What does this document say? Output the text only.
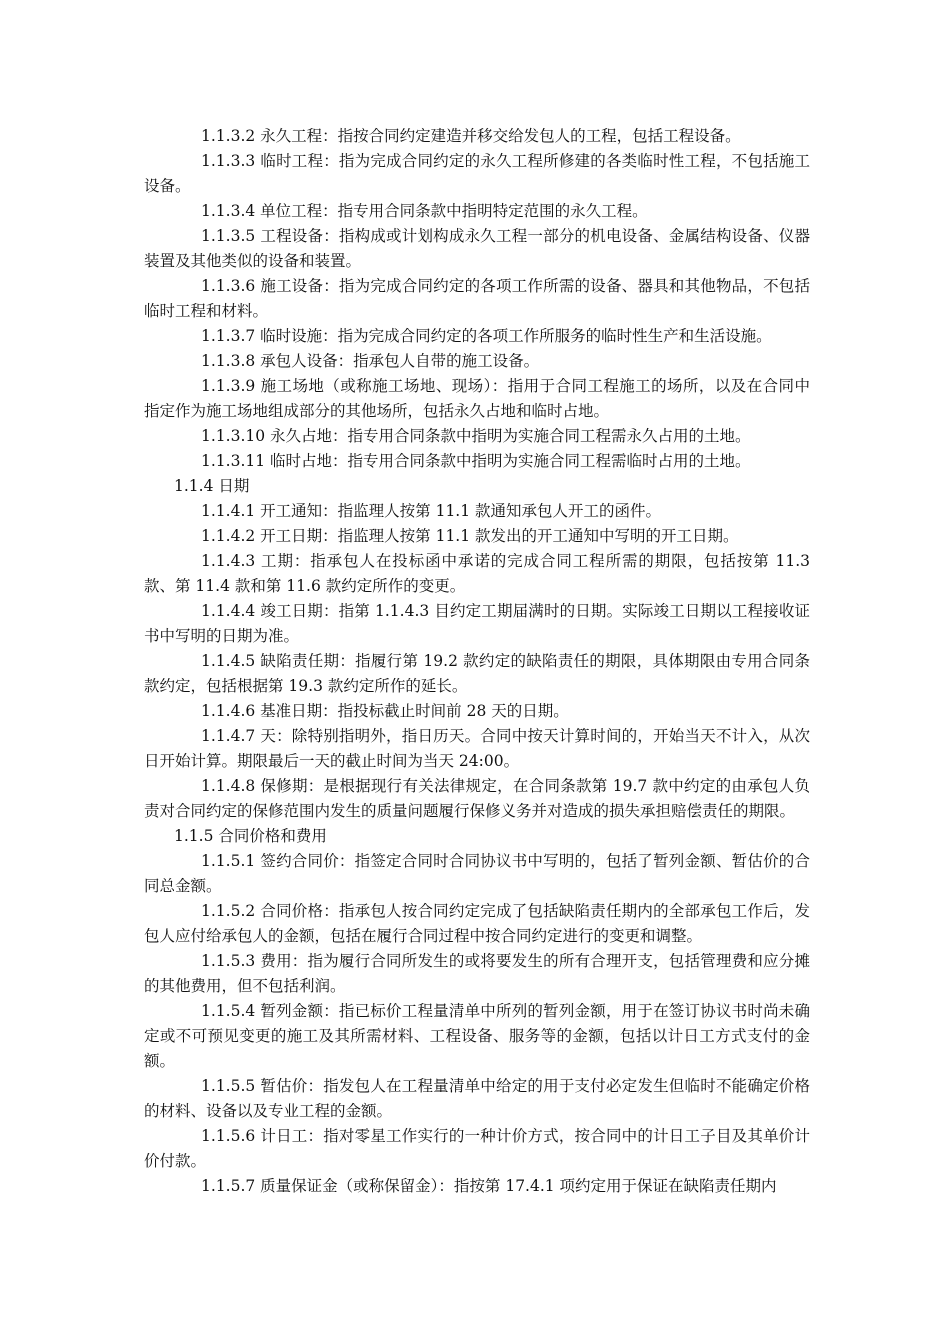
1.1.3.2 永久工程：指按合同约定建造并移交给发包人的工程，包括工程设备。

1.1.3.3 临时工程：指为完成合同约定的永久工程所修建的各类临时性工程，不包括施工设备。

1.1.3.4 单位工程：指专用合同条款中指明特定范围的永久工程。

1.1.3.5 工程设备：指构成或计划构成永久工程一部分的机电设备、金属结构设备、仪器装置及其他类似的设备和装置。

1.1.3.6 施工设备：指为完成合同约定的各项工作所需的设备、器具和其他物品，不包括临时工程和材料。

1.1.3.7 临时设施：指为完成合同约定的各项工作所服务的临时性生产和生活设施。

1.1.3.8 承包人设备：指承包人自带的施工设备。

1.1.3.9 施工场地（或称施工场地、现场）：指用于合同工程施工的场所，以及在合同中指定作为施工场地组成部分的其他场所，包括永久占地和临时占地。

1.1.3.10 永久占地：指专用合同条款中指明为实施合同工程需永久占用的土地。

1.1.3.11 临时占地：指专用合同条款中指明为实施合同工程需临时占用的土地。

1.1.4 日期

1.1.4.1 开工通知：指监理人按第 11.1 款通知承包人开工的函件。

1.1.4.2 开工日期：指监理人按第 11.1 款发出的开工通知中写明的开工日期。

1.1.4.3 工期：指承包人在投标函中承诺的完成合同工程所需的期限，包括按第 11.3 款、第 11.4 款和第 11.6 款约定所作的变更。

1.1.4.4 竣工日期：指第 1.1.4.3 目约定工期届满时的日期。实际竣工日期以工程接收证书中写明的日期为准。

1.1.4.5 缺陷责任期：指履行第 19.2 款约定的缺陷责任的期限，具体期限由专用合同条款约定，包括根据第 19.3 款约定所作的延长。

1.1.4.6 基准日期：指投标截止时间前 28 天的日期。

1.1.4.7 天：除特别指明外，指日历天。合同中按天计算时间的，开始当天不计入，从次日开始计算。期限最后一天的截止时间为当天 24:00。

1.1.4.8 保修期：是根据现行有关法律规定，在合同条款第 19.7 款中约定的由承包人负责对合同约定的保修范围内发生的质量问题履行保修义务并对造成的损失承担赔偿责任的期限。

1.1.5 合同价格和费用

1.1.5.1 签约合同价：指签定合同时合同协议书中写明的，包括了暂列金额、暂估价的合同总金额。

1.1.5.2 合同价格：指承包人按合同约定完成了包括缺陷责任期内的全部承包工作后，发包人应付给承包人的金额，包括在履行合同过程中按合同约定进行的变更和调整。

1.1.5.3 费用：指为履行合同所发生的或将要发生的所有合理开支，包括管理费和应分摊的其他费用，但不包括利润。

1.1.5.4 暂列金额：指已标价工程量清单中所列的暂列金额，用于在签订协议书时尚未确定或不可预见变更的施工及其所需材料、工程设备、服务等的金额，包括以计日工方式支付的金额。

1.1.5.5 暂估价：指发包人在工程量清单中给定的用于支付必定发生但临时不能确定价格的材料、设备以及专业工程的金额。

1.1.5.6 计日工：指对零星工作实行的一种计价方式，按合同中的计日工子目及其单价计价付款。

1.1.5.7 质量保证金（或称保留金）：指按第 17.4.1 项约定用于保证在缺陷责任期内
